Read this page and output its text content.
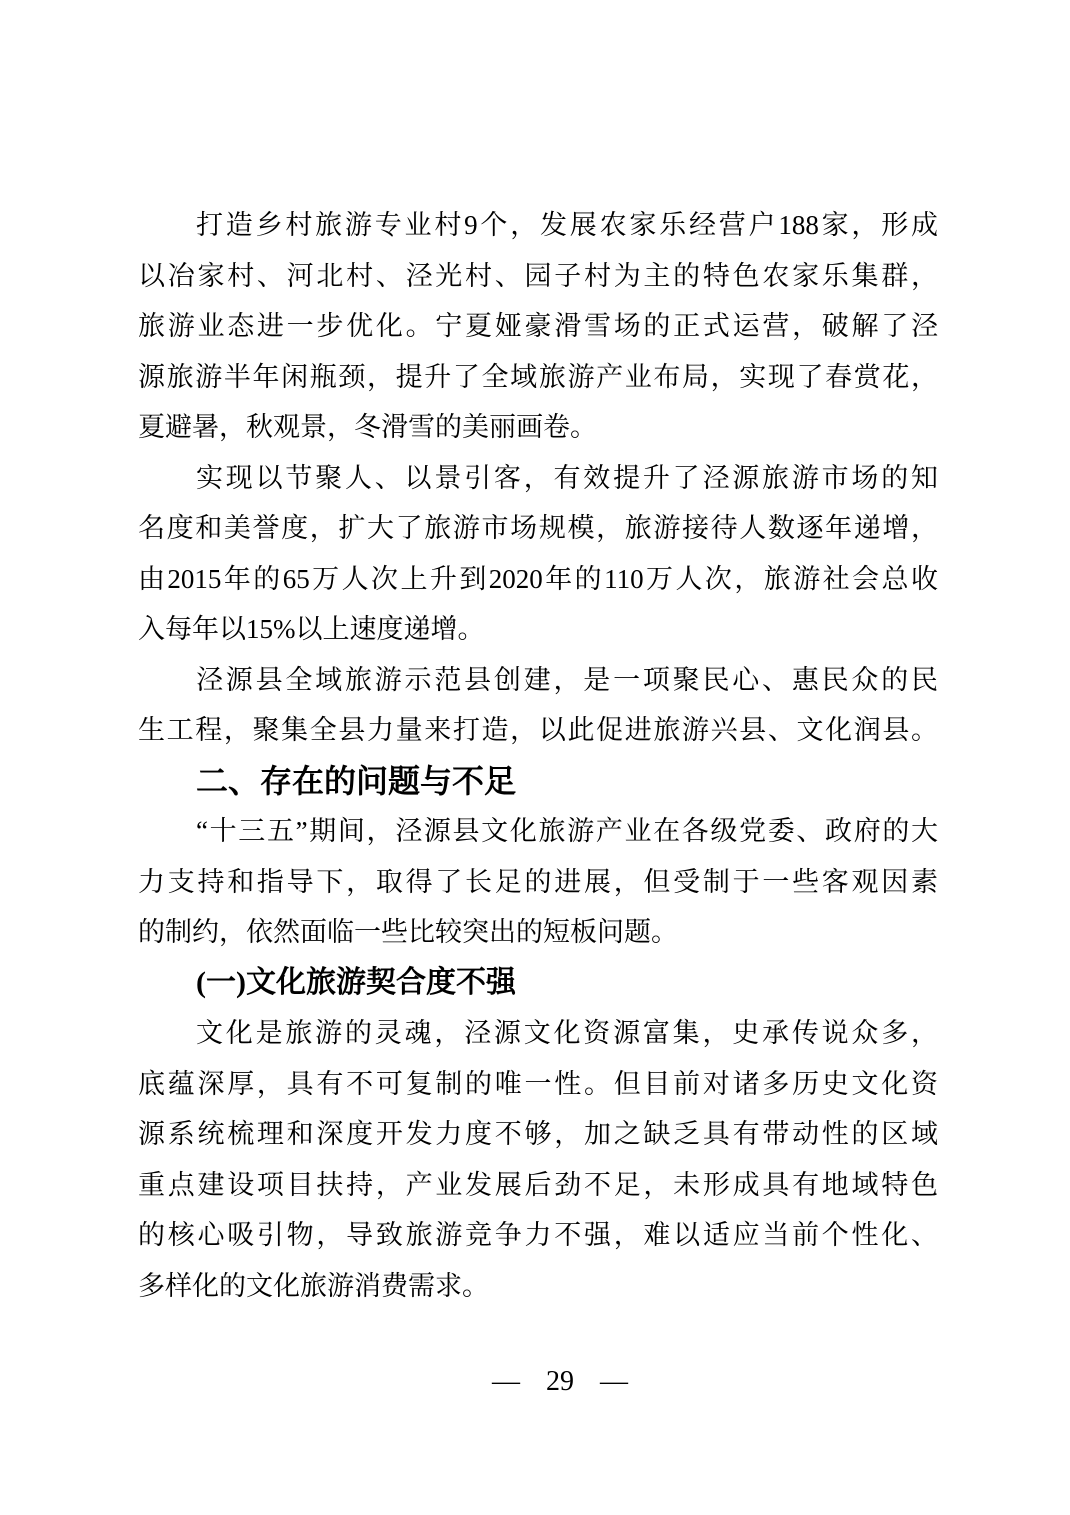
打造乡村旅游专业村9个，发展农家乐经营户188家，形成

以冶家村、河北村、泾光村、园子村为主的特色农家乐集群，

旅游业态进一步优化。宁夏娅豪滑雪场的正式运营，破解了泾

源旅游半年闲瓶颈，提升了全域旅游产业布局，实现了春赏花，

夏避暑，秋观景，冬滑雪的美丽画卷。

实现以节聚人、以景引客，有效提升了泾源旅游市场的知

名度和美誉度，扩大了旅游市场规模，旅游接待人数逐年递增，

由2015年的65万人次上升到2020年的110万人次，旅游社会总收

入每年以15%以上速度递增。

泾源县全域旅游示范县创建，是一项聚民心、惠民众的民

生工程，聚集全县力量来打造，以此促进旅游兴县、文化润县。

二、存在的问题与不足

“十三五”期间，泾源县文化旅游产业在各级党委、政府的大

力支持和指导下，取得了长足的进展，但受制于一些客观因素

的制约，依然面临一些比较突出的短板问题。

(一)文化旅游契合度不强

文化是旅游的灵魂，泾源文化资源富集，史承传说众多，

底蕴深厚，具有不可复制的唯一性。但目前对诸多历史文化资

源系统梳理和深度开发力度不够，加之缺乏具有带动性的区域

重点建设项目扶持，产业发展后劲不足，未形成具有地域特色

的核心吸引物，导致旅游竞争力不强，难以适应当前个性化、

多样化的文化旅游消费需求。

— 29 —
